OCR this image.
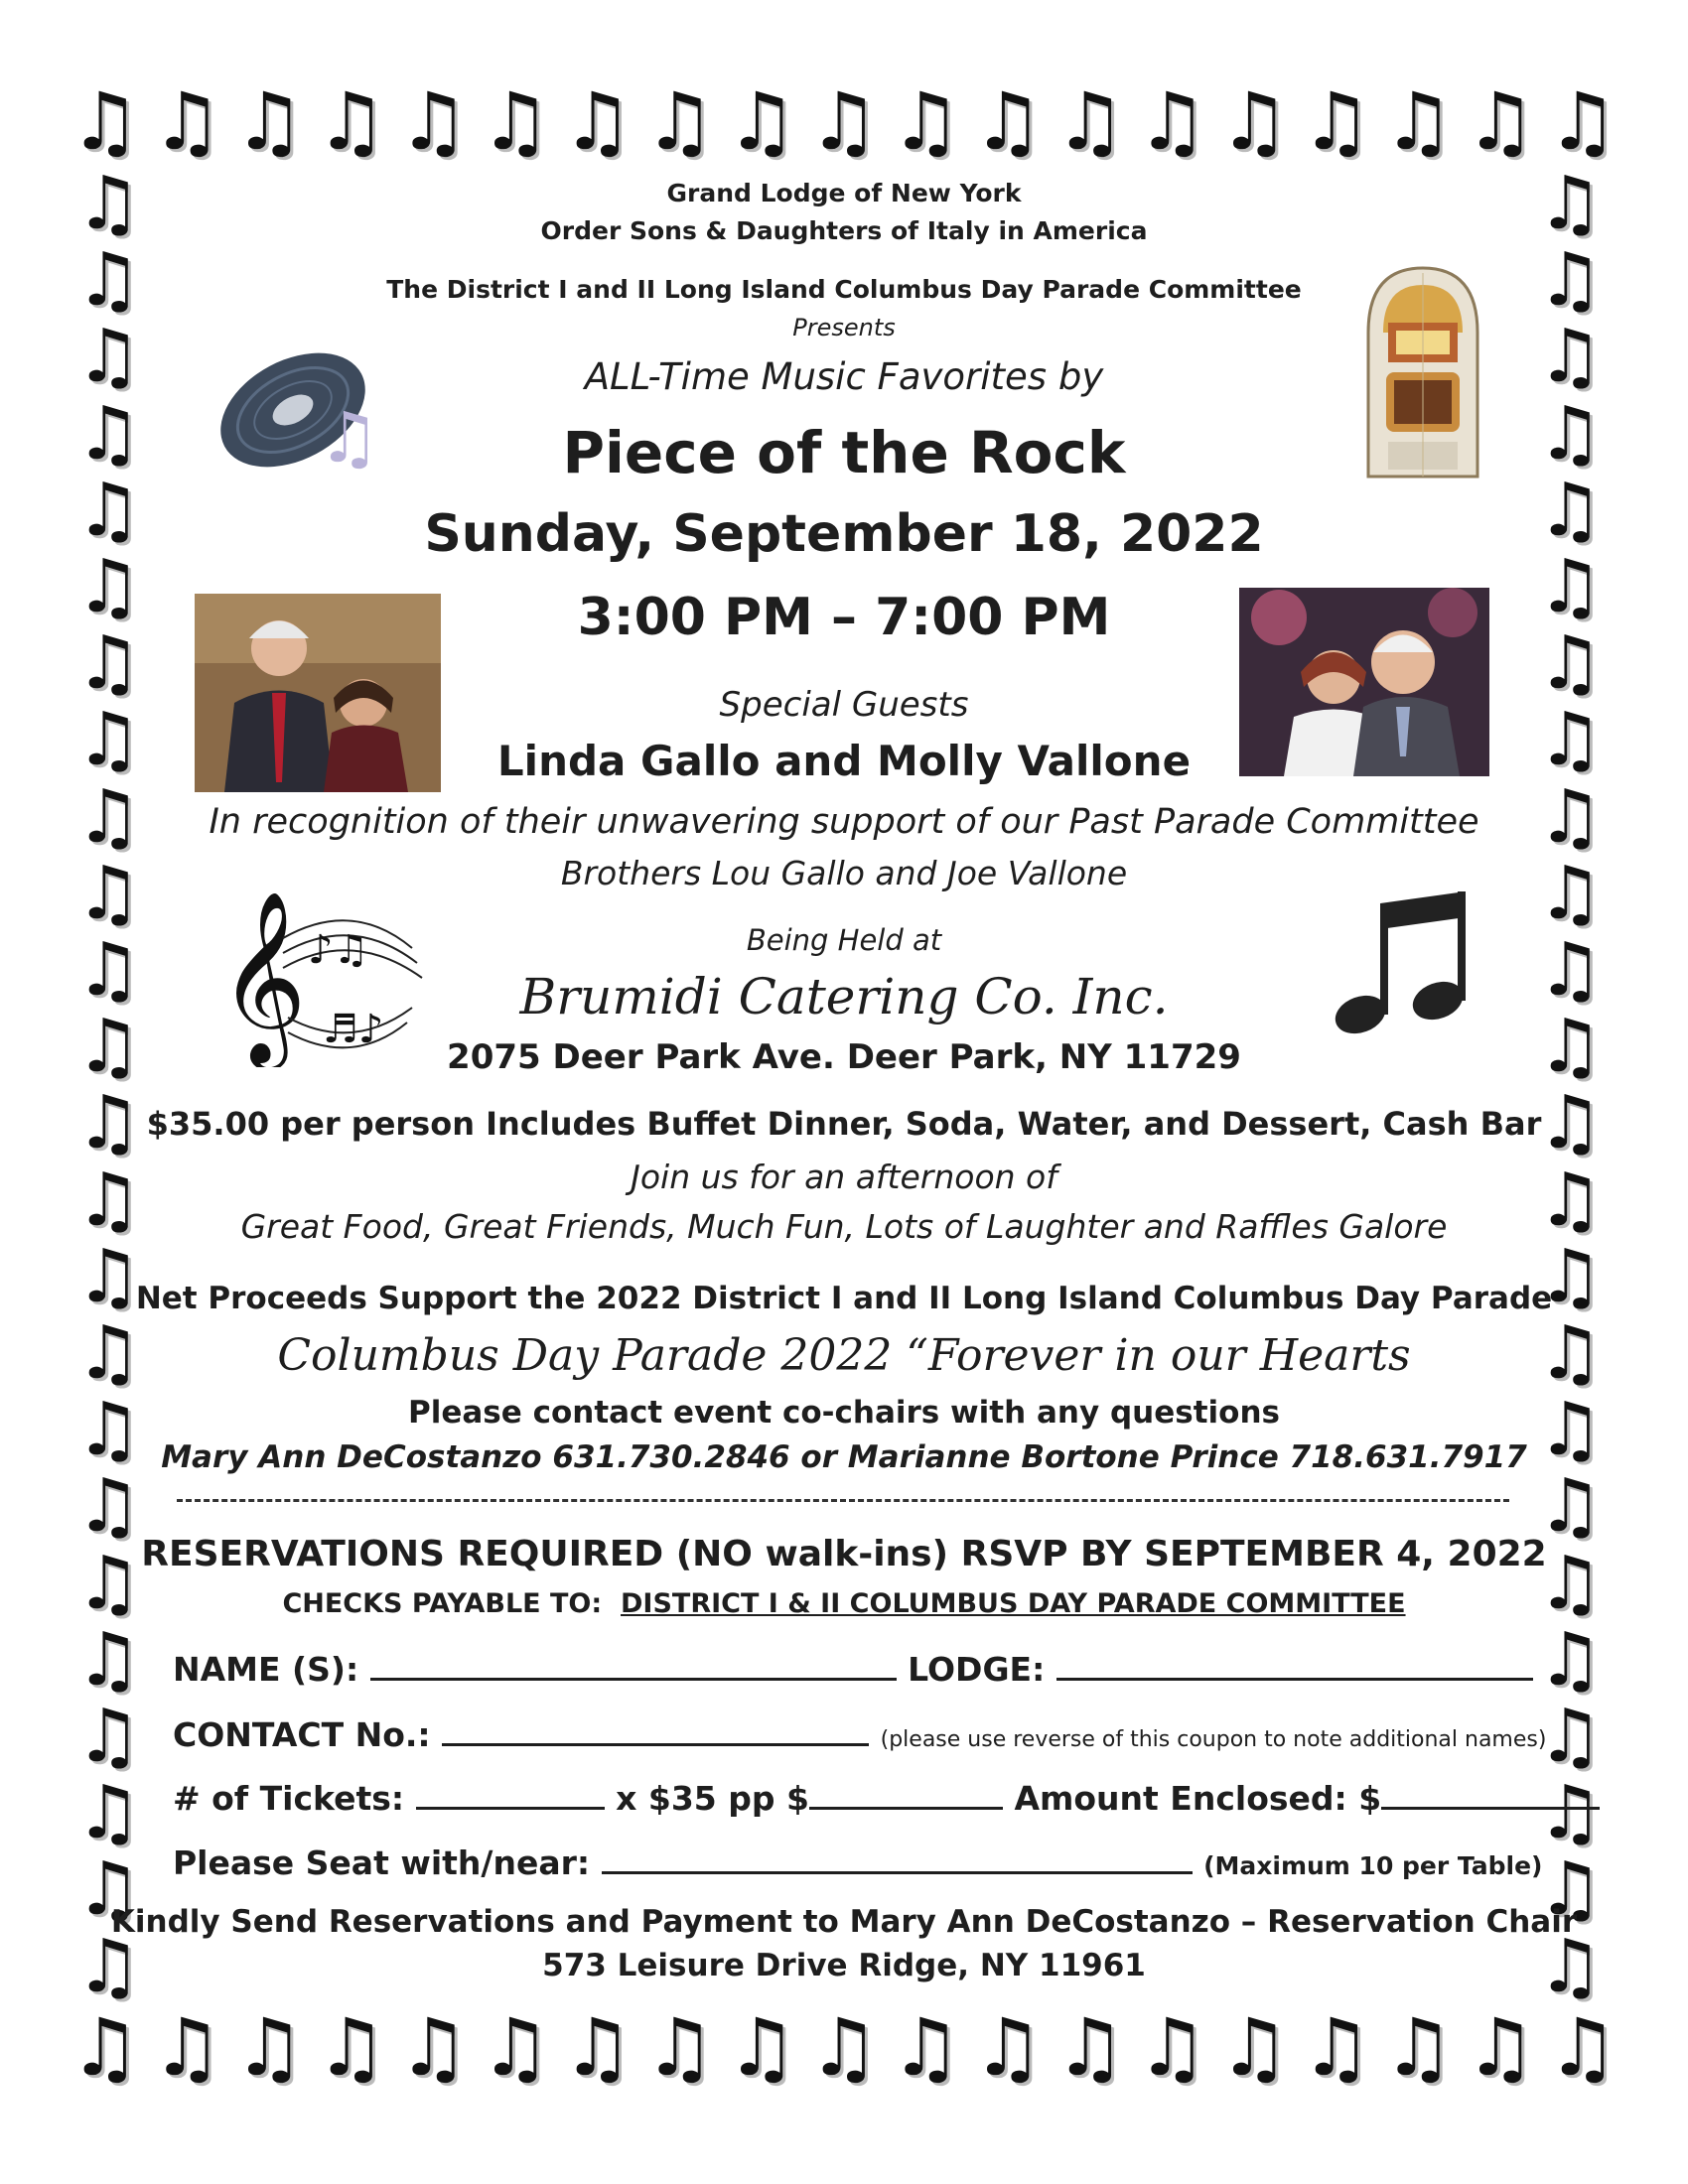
♫ ♫ ♫ ♫ ♫ ♫ ♫ ♫ ♫ ♫ ♫ ♫ ♫ ♫ ♫ ♫ ♫ ♫ ♫
♫ ♫ ♫ ♫ ♫ ♫ ♫ ♫ ♫ ♫ ♫ ♫ ♫ ♫ ♫ ♫ ♫ ♫ ♫
♫
♫
♫
♫
♫
♫
♫
♫
♫
♫
♫
♫
♫
♫
♫
♫
♫
♫
♫
♫
♫
♫
♫
♫
♫
♫
♫
♫
♫
♫
♫
♫
♫
♫
♫
♫
♫
♫
♫
♫
♫
♫
♫
♫
♫
♫
♫
♫
Grand Lodge of New York
Order Sons & Daughters of Italy in America
The District I and II Long Island Columbus Day Parade Committee
Presents
♫
ALL-Time Music Favorites by
Piece of the Rock
Sunday, September 18, 2022
3:00 PM – 7:00 PM
Special Guests
Linda Gallo and Molly Vallone
In recognition of their unwavering support of our Past Parade Committee
Brothers Lou Gallo and Joe Vallone
𝄞 ♪♫
♬♪
Being Held at
Brumidi Catering Co. Inc.
2075 Deer Park Ave. Deer Park, NY 11729
$35.00 per person Includes Buffet Dinner, Soda, Water, and Dessert, Cash Bar
Join us for an afternoon of
Great Food, Great Friends, Much Fun, Lots of Laughter and Raffles Galore
Net Proceeds Support the 2022 District I and II Long Island Columbus Day Parade
Columbus Day Parade 2022 “Forever in our Hearts
Please contact event co-chairs with any questions
Mary Ann DeCostanzo 631.730.2846 or Marianne Bortone Prince 718.631.7917
RESERVATIONS REQUIRED (NO walk-ins) RSVP BY SEPTEMBER 4, 2022
CHECKS PAYABLE TO: DISTRICT I & II COLUMBUS DAY PARADE COMMITTEE
NAME (S):	LODGE:
CONTACT No.:	(please use reverse of this coupon to note additional names)
# of Tickets:	x $35 pp $	Amount Enclosed: $
Please Seat with/near:	(Maximum 10 per Table)
Kindly Send Reservations and Payment to Mary Ann DeCostanzo – Reservation Chair
573 Leisure Drive Ridge, NY 11961
